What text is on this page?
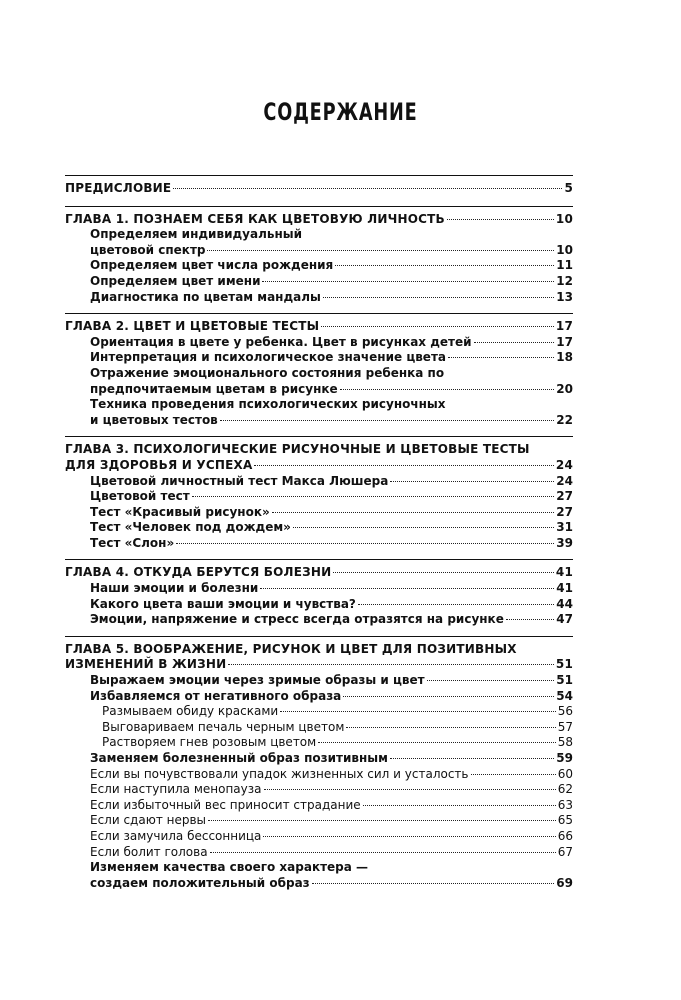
СОДЕРЖАНИЕ
ПРЕДИСЛОВИЕ	5
ГЛАВА 1. ПОЗНАЕМ СЕБЯ КАК ЦВЕТОВУЮ ЛИЧНОСТЬ	10
Определяем индивидуальный
цветовой спектр	10
Определяем цвет числа рождения	11
Определяем цвет имени	12
Диагностика по цветам мандалы	13
ГЛАВА 2. ЦВЕТ И ЦВЕТОВЫЕ ТЕСТЫ	17
Ориентация в цвете у ребенка. Цвет в рисунках детей	17
Интерпретация и психологическое значение цвета	18
Отражение эмоционального состояния ребенка по
предпочитаемым цветам в рисунке	20
Техника проведения психологических рисуночных
и цветовых тестов	22
ГЛАВА 3. ПСИХОЛОГИЧЕСКИЕ РИСУНОЧНЫЕ И ЦВЕТОВЫЕ ТЕСТЫ
ДЛЯ ЗДОРОВЬЯ И УСПЕХА	24
Цветовой личностный тест Макса Люшера	24
Цветовой тест	27
Тест «Красивый рисунок»	27
Тест «Человек под дождем»	31
Тест «Слон»	39
ГЛАВА 4. ОТКУДА БЕРУТСЯ БОЛЕЗНИ	41
Наши эмоции и болезни	41
Какого цвета ваши эмоции и чувства?	44
Эмоции, напряжение и стресс всегда отразятся на рисунке	47
ГЛАВА 5. ВООБРАЖЕНИЕ, РИСУНОК И ЦВЕТ ДЛЯ ПОЗИТИВНЫХ
ИЗМЕНЕНИЙ В ЖИЗНИ	51
Выражаем эмоции через зримые образы и цвет	51
Избавляемся от негативного образа	54
Размываем обиду красками	56
Выговариваем печаль черным цветом	57
Растворяем гнев розовым цветом	58
Заменяем болезненный образ позитивным	59
Если вы почувствовали упадок жизненных сил и усталость	60
Если наступила менопауза	62
Если избыточный вес приносит страдание	63
Если сдают нервы	65
Если замучила бессонница	66
Если болит голова	67
Изменяем качества своего характера —
создаем положительный образ	69
